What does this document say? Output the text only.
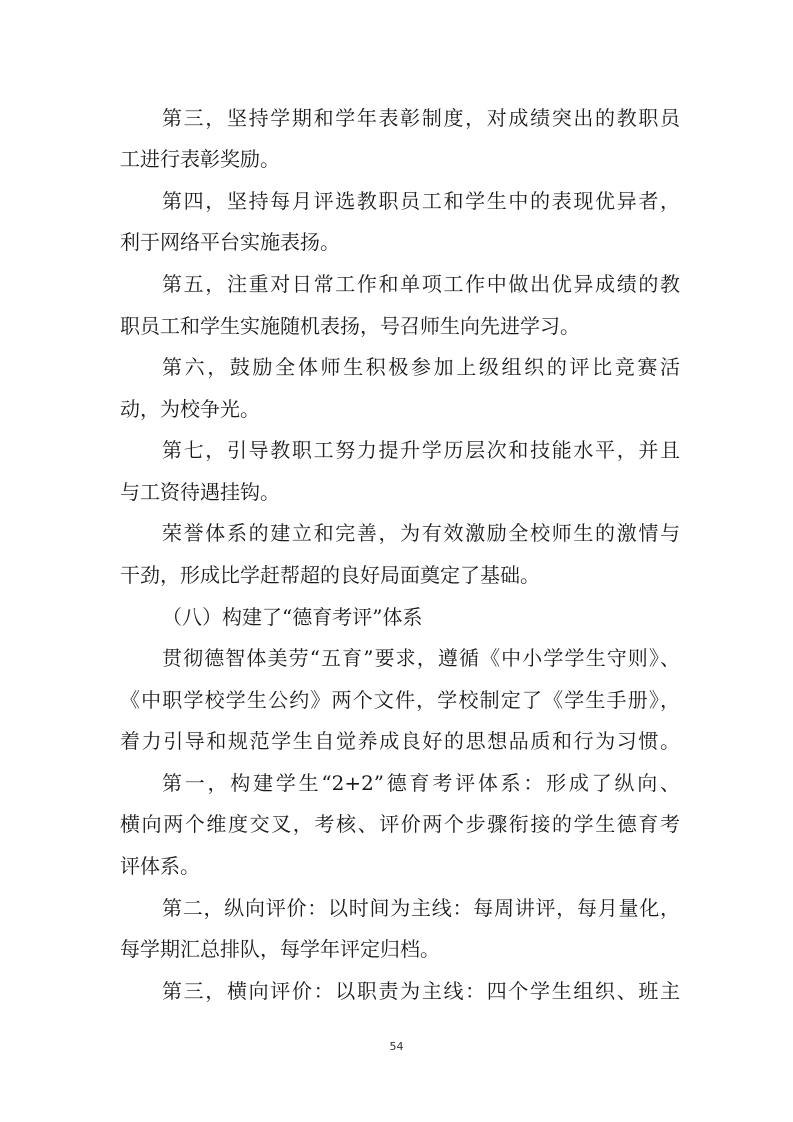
第三，坚持学期和学年表彰制度，对成绩突出的教职员
工进行表彰奖励。
第四，坚持每月评选教职员工和学生中的表现优异者，
利于网络平台实施表扬。
第五，注重对日常工作和单项工作中做出优异成绩的教
职员工和学生实施随机表扬，号召师生向先进学习。
第六，鼓励全体师生积极参加上级组织的评比竞赛活
动，为校争光。
第七，引导教职工努力提升学历层次和技能水平，并且
与工资待遇挂钩。
荣誉体系的建立和完善，为有效激励全校师生的激情与
干劲，形成比学赶帮超的良好局面奠定了基础。
（八）构建了“德育考评”体系
贯彻德智体美劳“五育”要求，遵循《中小学学生守则》、
《中职学校学生公约》两个文件，学校制定了《学生手册》，
着力引导和规范学生自觉养成良好的思想品质和行为习惯。
第一，构建学生“2+2”德育考评体系：形成了纵向、
横向两个维度交叉，考核、评价两个步骤衔接的学生德育考
评体系。
第二，纵向评价：以时间为主线：每周讲评，每月量化，
每学期汇总排队，每学年评定归档。
第三，横向评价：以职责为主线：四个学生组织、班主
54
